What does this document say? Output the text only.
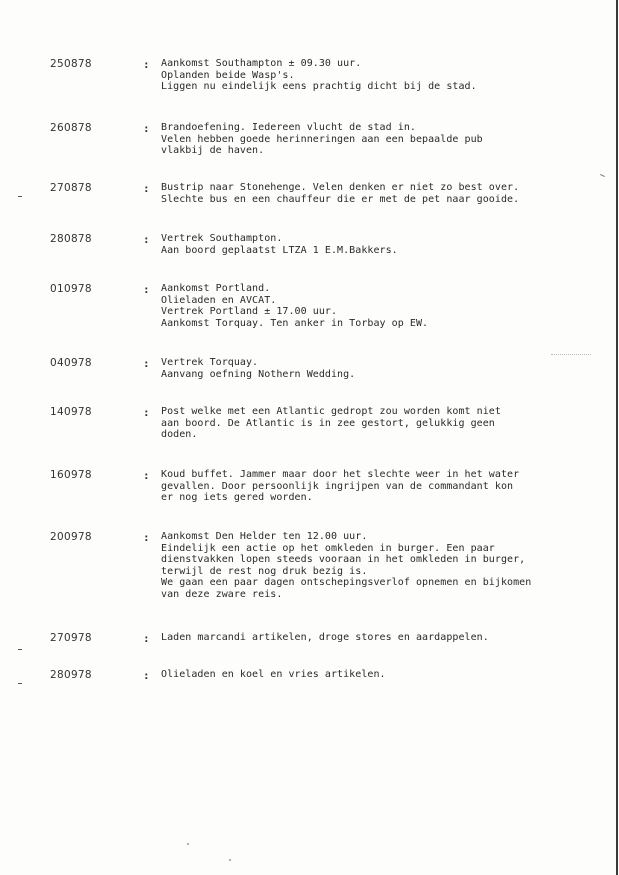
250878	: Aankomst Southampton ± 09.30 uur.
Oplanden beide Wasp's.
Liggen nu eindelijk eens prachtig dicht bij de stad.
260878	: Brandoefening. Iedereen vlucht de stad in.
Velen hebben goede herinneringen aan een bepaalde pub
vlakbij de haven.
270878	: Bustrip naar Stonehenge. Velen denken er niet zo best over.
Slechte bus en een chauffeur die er met de pet naar gooide.
280878	: Vertrek Southampton.
Aan boord geplaatst LTZA 1 E.M.Bakkers.
010978	: Aankomst Portland.
Olieladen en AVCAT.
Vertrek Portland ± 17.00 uur.
Aankomst Torquay. Ten anker in Torbay op EW.
040978	: Vertrek Torquay.
Aanvang oefning Nothern Wedding.
140978	: Post welke met een Atlantic gedropt zou worden komt niet
aan boord. De Atlantic is in zee gestort, gelukkig geen
doden.
160978	: Koud buffet. Jammer maar door het slechte weer in het water
gevallen. Door persoonlijk ingrijpen van de commandant kon
er nog iets gered worden.
200978	: Aankomst Den Helder ten 12.00 uur.
Eindelijk een actie op het omkleden in burger. Een paar
dienstvakken lopen steeds vooraan in het omkleden in burger,
terwijl de rest nog druk bezig is.
We gaan een paar dagen ontschepingsverlof opnemen en bijkomen
van deze zware reis.
270978	: Laden marcandi artikelen, droge stores en aardappelen.
280978	: Olieladen en koel en vries artikelen.
